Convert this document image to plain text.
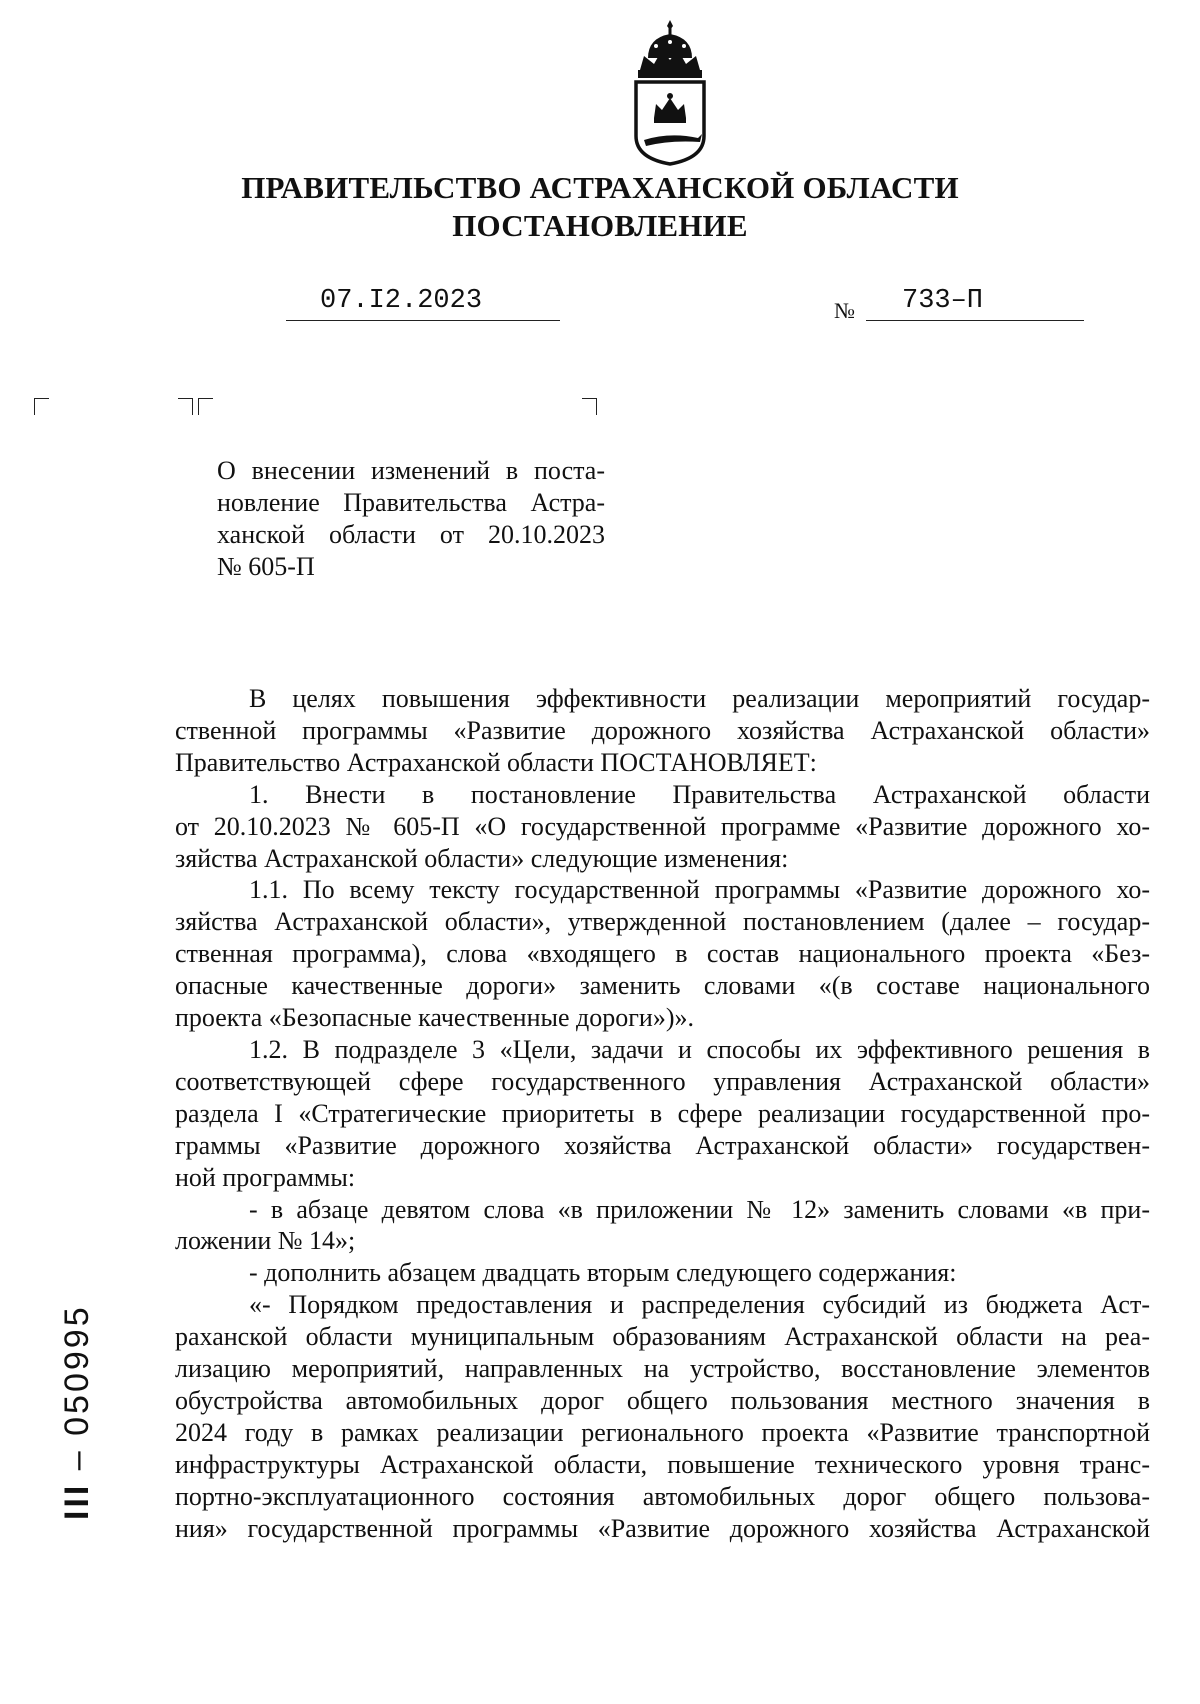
ПРАВИТЕЛЬСТВО АСТРАХАНСКОЙ ОБЛАСТИ
ПОСТАНОВЛЕНИЕ
07.I2.2023	№ 733–П
О внесении изменений в поста-
новление Правительства Астра-
ханской области от 20.10.2023
№ 605-П
В целях повышения эффективности реализации мероприятий государ-
ственной программы «Развитие дорожного хозяйства Астраханской области»
Правительство Астраханской области ПОСТАНОВЛЯЕТ:
1. Внести в постановление Правительства Астраханской области
от 20.10.2023 № 605-П «О государственной программе «Развитие дорожного хо-
зяйства Астраханской области» следующие изменения:
1.1. По всему тексту государственной программы «Развитие дорожного хо-
зяйства Астраханской области», утвержденной постановлением (далее – государ-
ственная программа), слова «входящего в состав национального проекта «Без-
опасные качественные дороги» заменить словами «(в составе национального
проекта «Безопасные качественные дороги»)».
1.2. В подразделе 3 «Цели, задачи и способы их эффективного решения в
соответствующей сфере государственного управления Астраханской области»
раздела I «Стратегические приоритеты в сфере реализации государственной про-
граммы «Развитие дорожного хозяйства Астраханской области» государствен-
ной программы:
- в абзаце девятом слова «в приложении № 12» заменить словами «в при-
ложении № 14»;
- дополнить абзацем двадцать вторым следующего содержания:
«- Порядком предоставления и распределения субсидий из бюджета Аст-
раханской области муниципальным образованиям Астраханской области на реа-
лизацию мероприятий, направленных на устройство, восстановление элементов
обустройства автомобильных дорог общего пользования местного значения в
2024 году в рамках реализации регионального проекта «Развитие транспортной
инфраструктуры Астраханской области, повышение технического уровня транс-
портно-эксплуатационного состояния автомобильных дорог общего пользова-
ния» государственной программы «Развитие дорожного хозяйства Астраханской
III – 050995
